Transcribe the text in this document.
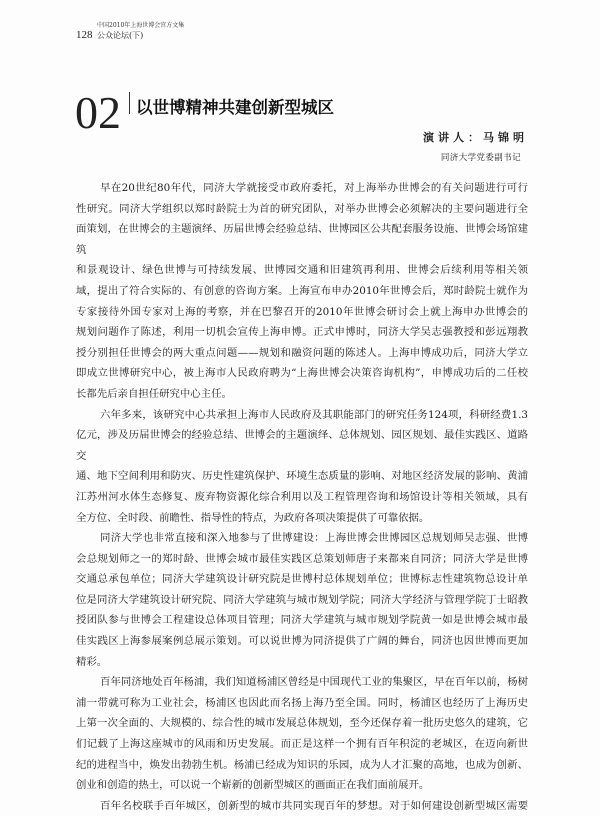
中国2010年上海世博会官方文集
128 公众论坛(下)
02 以世博精神共建创新型城区
演讲人：马锦明
同济大学党委副书记
早在20世纪80年代，同济大学就接受市政府委托，对上海举办世博会的有关问题进行可行
性研究。同济大学组织以郑时龄院士为首的研究团队，对举办世博会必须解决的主要问题进行全
面策划，在世博会的主题演绎、历届世博会经验总结、世博园区公共配套服务设施、世博会场馆建筑
和景观设计、绿色世博与可持续发展、世博园交通和旧建筑再利用、世博会后续利用等相关领
域，提出了符合实际的、有创意的咨询方案。上海宣布申办2010年世博会后，郑时龄院士就作为
专家接待外国专家对上海的考察，并在巴黎召开的2010年世博会研讨会上就上海申办世博会的
规划问题作了陈述，利用一切机会宣传上海申博。正式申博时，同济大学吴志强教授和彭远翔教
授分别担任世博会的两大重点问题——规划和融资问题的陈述人。上海申博成功后，同济大学立
即成立世博研究中心，被上海市人民政府聘为“上海世博会决策咨询机构”，申博成功后的二任校
长都先后亲自担任研究中心主任。
六年多来，该研究中心共承担上海市人民政府及其职能部门的研究任务124项，科研经费1.3
亿元，涉及历届世博会的经验总结、世博会的主题演绎、总体规划、园区规划、最佳实践区、道路交
通、地下空间利用和防灾、历史性建筑保护、环境生态质量的影响、对地区经济发展的影响、黄浦
江苏州河水体生态修复、废弃物资源化综合利用以及工程管理咨询和场馆设计等相关领域，具有
全方位、全时段、前瞻性、指导性的特点，为政府各项决策提供了可靠依据。
同济大学也非常直接和深入地参与了世博建设：上海世博会世博园区总规划师吴志强、世博
会总规划师之一的郑时龄、世博会城市最佳实践区总策划师唐子来都来自同济；同济大学是世博
交通总承包单位；同济大学建筑设计研究院是世博村总体规划单位；世博标志性建筑物总设计单
位是同济大学建筑设计研究院、同济大学建筑与城市规划学院；同济大学经济与管理学院丁士昭教
授团队参与世博会工程建设总体项目管理；同济大学建筑与城市规划学院黄一如是世博会城市最
佳实践区上海参展案例总展示策划。可以说世博为同济提供了广阔的舞台，同济也因世博而更加
精彩。
百年同济地处百年杨浦，我们知道杨浦区曾经是中国现代工业的集聚区，早在百年以前，杨树
浦一带就可称为工业社会，杨浦区也因此而名扬上海乃至全国。同时，杨浦区也经历了上海历史
上第一次全面的、大规模的、综合性的城市发展总体规划，至今还保存着一批历史悠久的建筑，它
们记载了上海这座城市的风雨和历史发展。而正是这样一个拥有百年积淀的老城区，在迈向新世
纪的进程当中，焕发出勃勃生机。杨浦已经成为知识的乐园，成为人才汇聚的高地，也成为创新、
创业和创造的热土，可以说一个崭新的创新型城区的画面正在我们面前展开。
百年名校联手百年城区，创新型的城市共同实现百年的梦想。对于如何建设创新型城区需要
